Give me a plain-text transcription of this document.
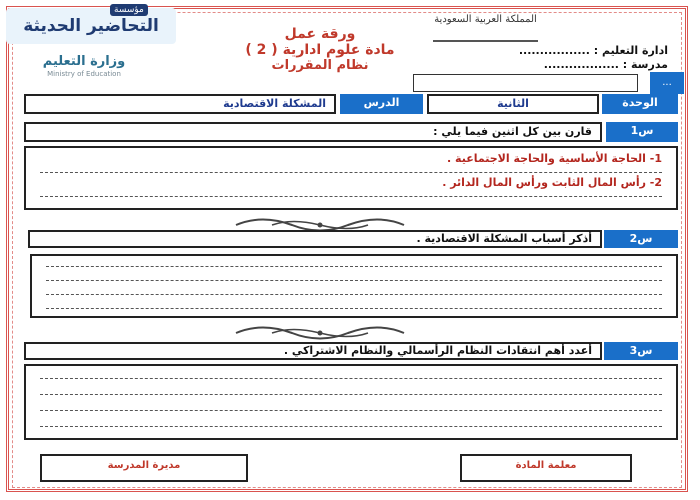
التحاضير الحديثة
مؤسسة
وزارة التعليم
Ministry of Education
ورقة عمل
مادة علوم ادارية ( 2 )
نظام المقررات
المملكة العربية السعودية
ادارة التعليم : .................
مدرسة : ..................
...
الوحدة
الثانية
الدرس
المشكلة الاقتصادية
س1
قارن بين كل اثنين فيما يلي :
1- الحاجة الأساسية والحاجة الاجتماعية .
2- رأس المال الثابت ورأس المال الدائر .
س2
أذكر أسباب المشكلة الاقتصادية .
س3
أعدد أهم انتقادات النظام الرأسمالي والنظام الاشتراكي .
معلمة المادة
مديرة المدرسة
